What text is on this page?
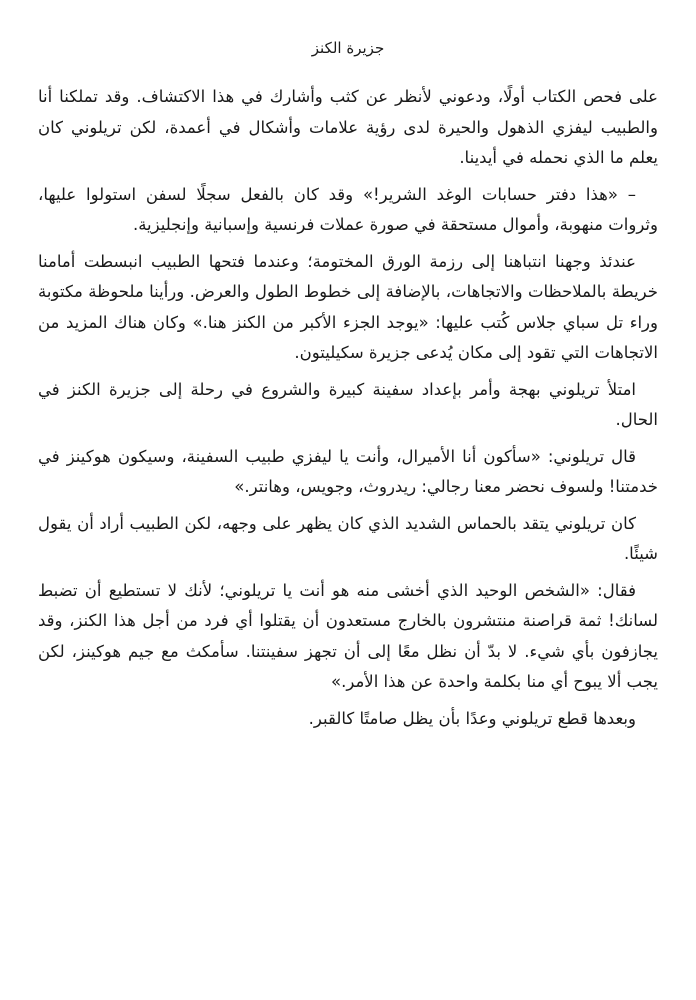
جزيرة الكنز

على فحص الكتاب أولًا، ودعوني لأنظر عن كثب وأشارك في هذا الاكتشاف. وقد تملكنا أنا والطبيب ليفزي الذهول والحيرة لدى رؤية علامات وأشكال في أعمدة، لكن تريلوني كان يعلم ما الذي نحمله في أيدينا.

– «هذا دفتر حسابات الوغد الشرير!» وقد كان بالفعل سجلًا لسفن استولوا عليها، وثروات منهوبة، وأموال مستحقة في صورة عملات فرنسية وإسبانية وإنجليزية.

عندئذ وجهنا انتباهنا إلى رزمة الورق المختومة؛ وعندما فتحها الطبيب انبسطت أمامنا خريطة بالملاحظات والاتجاهات، بالإضافة إلى خطوط الطول والعرض. ورأينا ملحوظة مكتوبة وراء تل سباي جلاس كُتب عليها: «يوجد الجزء الأكبر من الكنز هنا.» وكان هناك المزيد من الاتجاهات التي تقود إلى مكان يُدعى جزيرة سكيليتون.

امتلأ تريلوني بهجة وأمر بإعداد سفينة كبيرة والشروع في رحلة إلى جزيرة الكنز في الحال.

قال تريلوني: «سأكون أنا الأميرال، وأنت يا ليفزي طبيب السفينة، وسيكون هوكينز في خدمتنا! ولسوف نحضر معنا رجالي: ريدروث، وجويس، وهانتر.»

كان تريلوني يتقد بالحماس الشديد الذي كان يظهر على وجهه، لكن الطبيب أراد أن يقول شيئًا.

فقال: «الشخص الوحيد الذي أخشى منه هو أنت يا تريلوني؛ لأنك لا تستطيع أن تضبط لسانك! ثمة قراصنة منتشرون بالخارج مستعدون أن يقتلوا أي فرد من أجل هذا الكنز، وقد يجازفون بأي شيء. لا بدّ أن نظل معًا إلى أن تجهز سفينتنا. سأمكث مع جيم هوكينز، لكن يجب ألا يبوح أي منا بكلمة واحدة عن هذا الأمر.»

وبعدها قطع تريلوني وعدًا بأن يظل صامتًا كالقبر.
